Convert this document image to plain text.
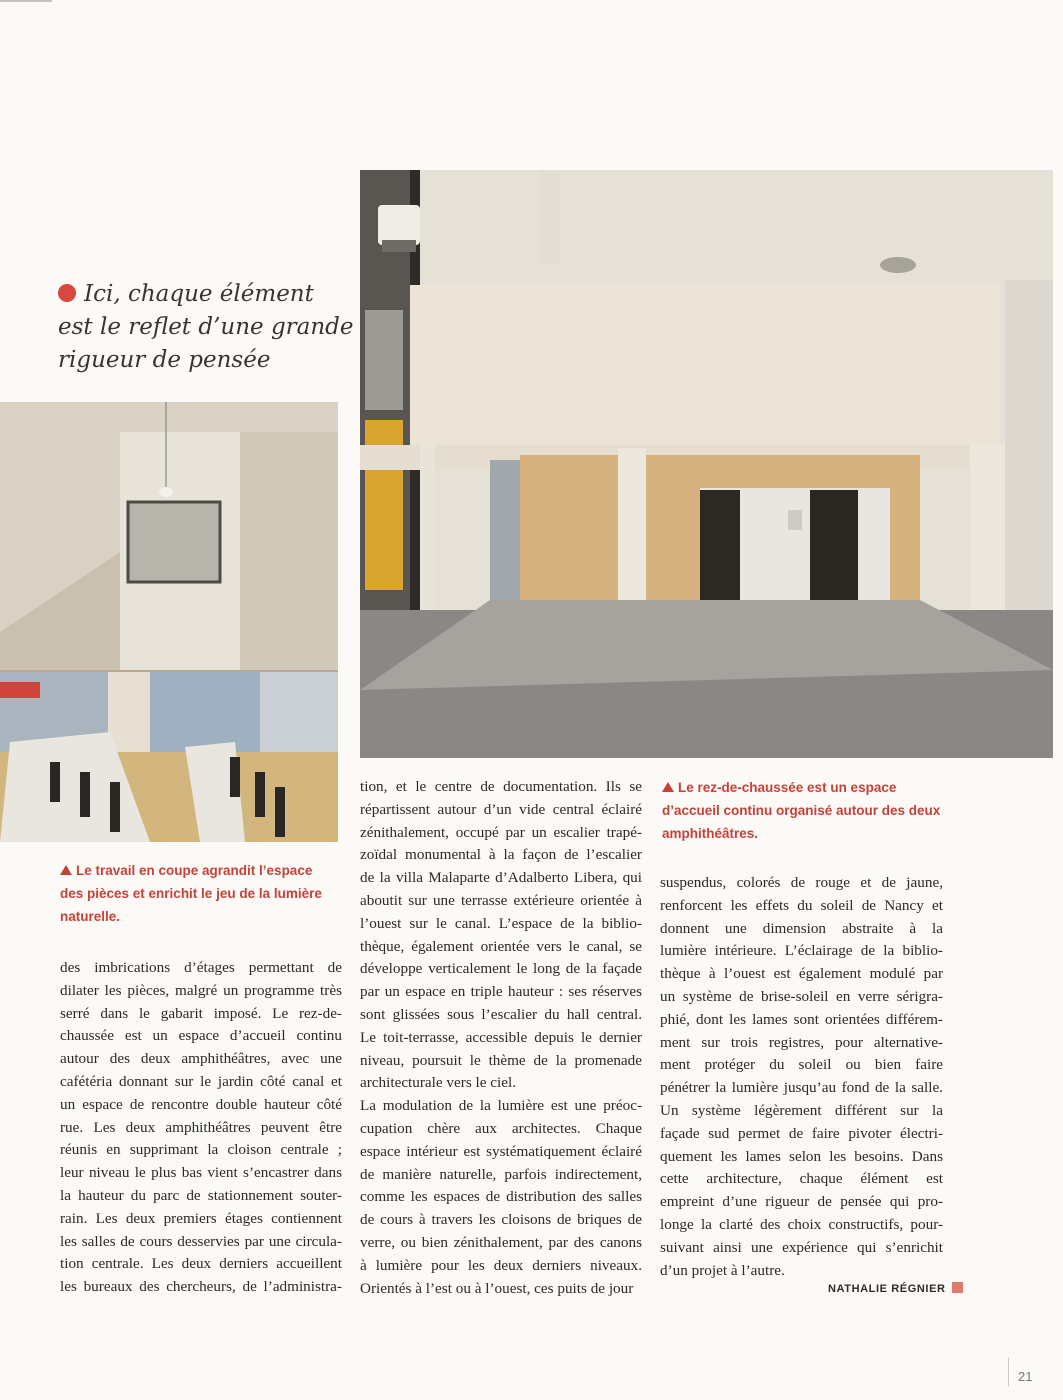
Ici, chaque élément
est le reflet d’une grande
rigueur de pensée
Le travail en coupe agrandit l’espace
des pièces et enrichit le jeu de la lumière
naturelle.
Le rez-de-chaussée est un espace
d’accueil continu organisé autour des deux
amphithéâtres.
des imbrications d’étages permettant de
dilater les pièces, malgré un programme très
serré dans le gabarit imposé. Le rez-de-
chaussée est un espace d’accueil continu
autour des deux amphithéâtres, avec une
cafétéria donnant sur le jardin côté canal et
un espace de rencontre double hauteur côté
rue. Les deux amphithéâtres peuvent être
réunis en supprimant la cloison centrale ;
leur niveau le plus bas vient s’encastrer dans
la hauteur du parc de stationnement souter-
rain. Les deux premiers étages contiennent
les salles de cours desservies par une circula-
tion centrale. Les deux derniers accueillent
les bureaux des chercheurs, de l’administra-
tion, et le centre de documentation. Ils se
répartissent autour d’un vide central éclairé
zénithalement, occupé par un escalier trapé-
zoïdal monumental à la façon de l’escalier
de la villa Malaparte d’Adalberto Libera, qui
aboutit sur une terrasse extérieure orientée à
l’ouest sur le canal. L’espace de la biblio-
thèque, également orientée vers le canal, se
développe verticalement le long de la façade
par un espace en triple hauteur : ses réserves
sont glissées sous l’escalier du hall central.
Le toit-terrasse, accessible depuis le dernier
niveau, poursuit le thème de la promenade
architecturale vers le ciel.
La modulation de la lumière est une préoc-
cupation chère aux architectes. Chaque
espace intérieur est systématiquement éclairé
de manière naturelle, parfois indirectement,
comme les espaces de distribution des salles
de cours à travers les cloisons de briques de
verre, ou bien zénithalement, par des canons
à lumière pour les deux derniers niveaux.
Orientés à l’est ou à l’ouest, ces puits de jour
suspendus, colorés de rouge et de jaune,
renforcent les effets du soleil de Nancy et
donnent une dimension abstraite à la
lumière intérieure. L’éclairage de la biblio-
thèque à l’ouest est également modulé par
un système de brise-soleil en verre sérigra-
phié, dont les lames sont orientées différem-
ment sur trois registres, pour alternative-
ment protéger du soleil ou bien faire
pénétrer la lumière jusqu’au fond de la salle.
Un système légèrement différent sur la
façade sud permet de faire pivoter électri-
quement les lames selon les besoins. Dans
cette architecture, chaque élément est
empreint d’une rigueur de pensée qui pro-
longe la clarté des choix constructifs, pour-
suivant ainsi une expérience qui s’enrichit
d’un projet à l’autre.
NATHALIE RÉGNIER
21
